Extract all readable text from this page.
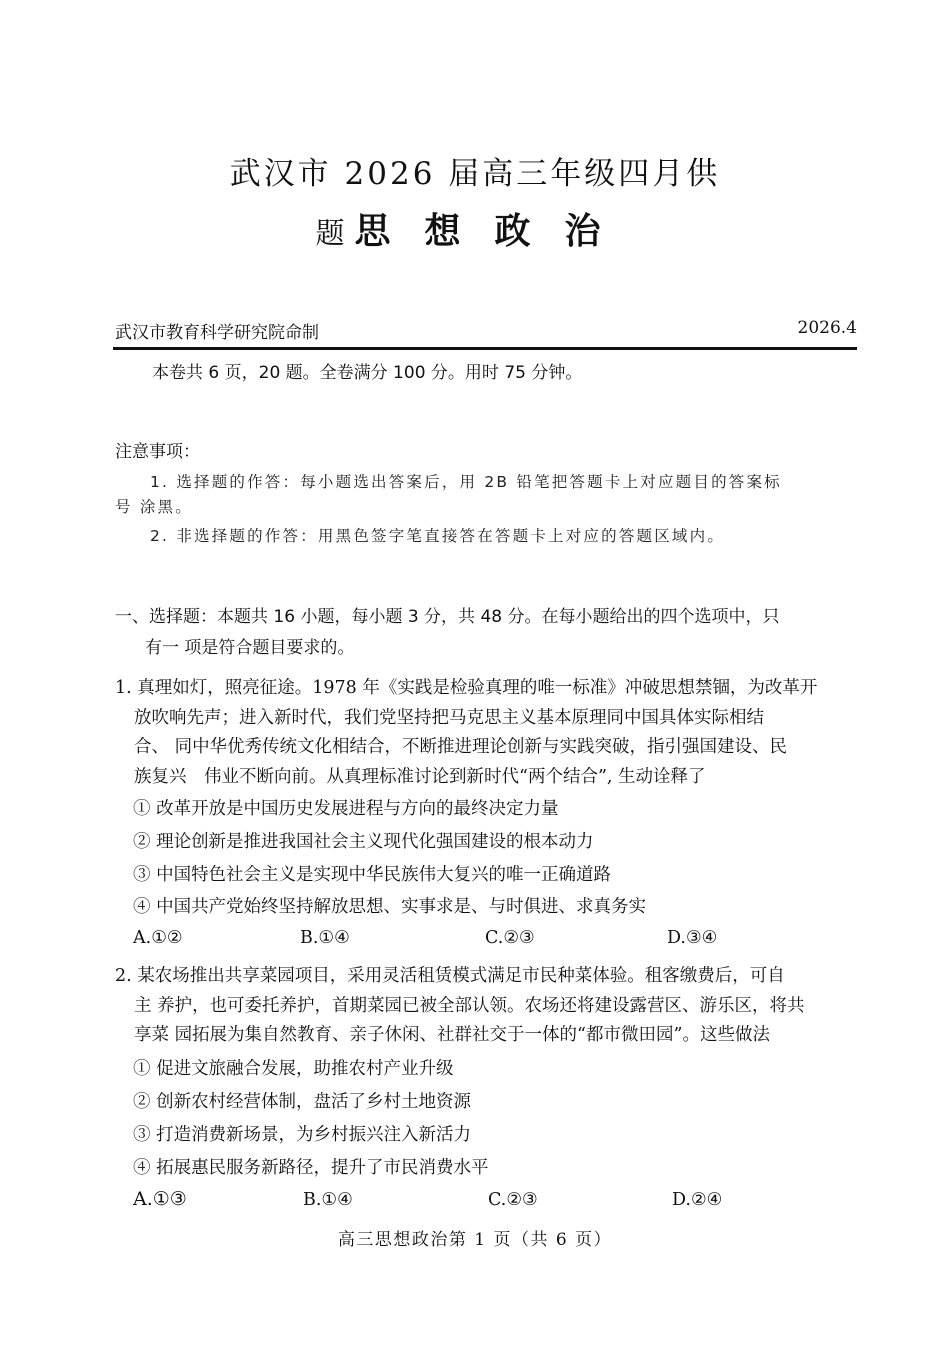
武汉市 2026 届高三年级四月供
题 思想政治
武汉市教育科学研究院命制	2026.4
本卷共 6 页，20 题。全卷满分 100 分。用时 75 分钟。
注意事项：
1. 选择题的作答：每小题选出答案后，用 2B 铅笔把答题卡上对应题目的答案标
号 涂黑。
2. 非选择题的作答：用黑色签字笔直接答在答题卡上对应的答题区域内。
一、选择题：本题共 16 小题，每小题 3 分，共 48 分。在每小题给出的四个选项中，只
有一 项是符合题目要求的。
1. 真理如灯，照亮征途。1978 年《实践是检验真理的唯一标准》冲破思想禁锢，为改革开
放吹响先声；进入新时代，我们党坚持把马克思主义基本原理同中国具体实际相结
合、 同中华优秀传统文化相结合，不断推进理论创新与实践突破，指引强国建设、民
族复兴　伟业不断向前。从真理标准讨论到新时代“两个结合”, 生动诠释了
① 改革开放是中国历史发展进程与方向的最终决定力量
② 理论创新是推进我国社会主义现代化强国建设的根本动力
③ 中国特色社会主义是实现中华民族伟大复兴的唯一正确道路
④ 中国共产党始终坚持解放思想、实事求是、与时俱进、求真务实
A.①②	B.①④	C.②③	D.③④
2. 某农场推出共享菜园项目，采用灵活租赁模式满足市民种菜体验。租客缴费后，可自
主 养护，也可委托养护，首期菜园已被全部认领。农场还将建设露营区、游乐区，将共
享菜 园拓展为集自然教育、亲子休闲、社群社交于一体的“都市微田园”。这些做法
① 促进文旅融合发展，助推农村产业升级
② 创新农村经营体制，盘活了乡村土地资源
③ 打造消费新场景，为乡村振兴注入新活力
④ 拓展惠民服务新路径，提升了市民消费水平
A.①③	B.①④	C.②③	D.②④
高三思想政治第 1 页（共 6 页）
